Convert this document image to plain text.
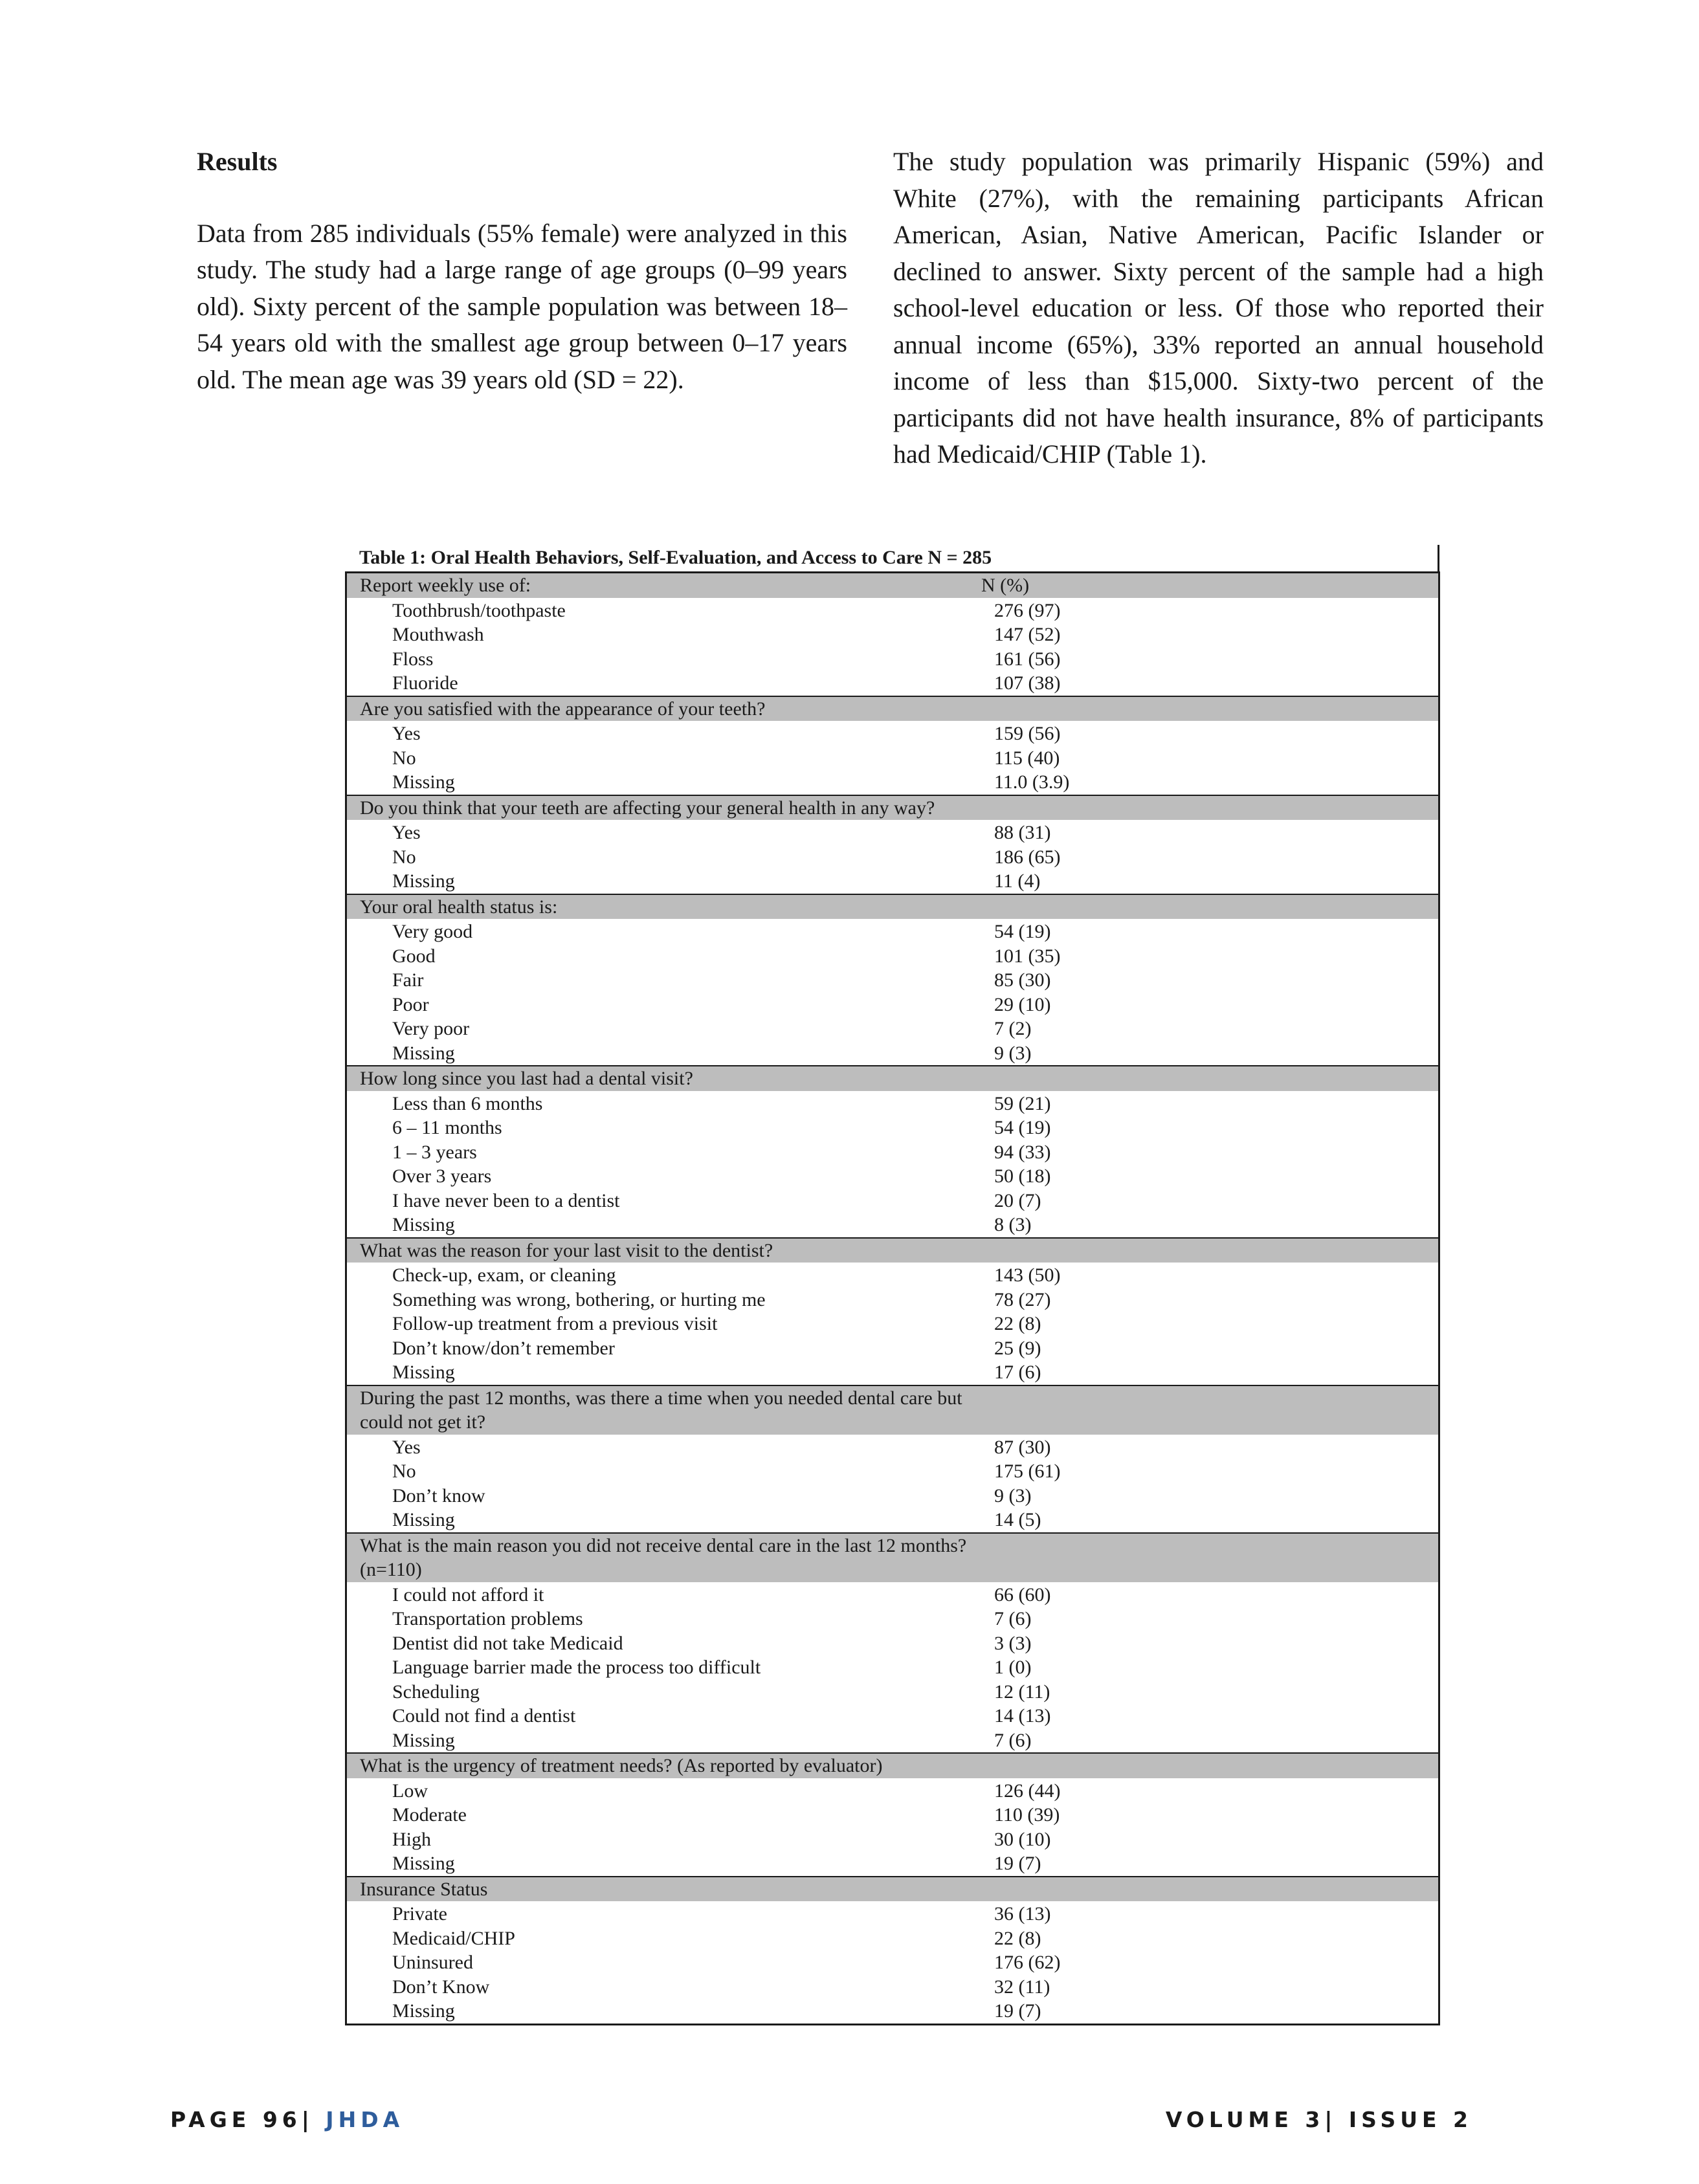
Results

Data from 285 individuals (55% female) were analyzed in this study. The study had a large range of age groups (0–99 years old). Sixty percent of the sample population was between 18–54 years old with the smallest age group between 0–17 years old. The mean age was 39 years old (SD = 22).

The study population was primarily Hispanic (59%) and White (27%), with the remaining participants African American, Asian, Native American, Pacific Islander or declined to answer. Sixty percent of the sample had a high school-level education or less. Of those who reported their annual income (65%), 33% reported an annual household income of less than $15,000. Sixty-two percent of the participants did not have health insurance, 8% of participants had Medicaid/CHIP (Table 1).

Table 1: Oral Health Behaviors, Self-Evaluation, and Access to Care N = 285
Report weekly use of:	N (%)
Toothbrush/toothpaste	276 (97)
Mouthwash	147 (52)
Floss	161 (56)
Fluoride	107 (38)
Are you satisfied with the appearance of your teeth?
Yes	159 (56)
No	115 (40)
Missing	11.0 (3.9)
Do you think that your teeth are affecting your general health in any way?
Yes	88 (31)
No	186 (65)
Missing	11 (4)
Your oral health status is:
Very good	54 (19)
Good	101 (35)
Fair	85 (30)
Poor	29 (10)
Very poor	7 (2)
Missing	9 (3)
How long since you last had a dental visit?
Less than 6 months	59 (21)
6 – 11 months	54 (19)
1 – 3 years	94 (33)
Over 3 years	50 (18)
I have never been to a dentist	20 (7)
Missing	8 (3)
What was the reason for your last visit to the dentist?
Check-up, exam, or cleaning	143 (50)
Something was wrong, bothering, or hurting me	78 (27)
Follow-up treatment from a previous visit	22 (8)
Don’t know/don’t remember	25 (9)
Missing	17 (6)
During the past 12 months, was there a time when you needed dental care but could not get it?
Yes	87 (30)
No	175 (61)
Don’t know	9 (3)
Missing	14 (5)
What is the main reason you did not receive dental care in the last 12 months? (n=110)
I could not afford it	66 (60)
Transportation problems	7 (6)
Dentist did not take Medicaid	3 (3)
Language barrier made the process too difficult	1 (0)
Scheduling	12 (11)
Could not find a dentist	14 (13)
Missing	7 (6)
What is the urgency of treatment needs? (As reported by evaluator)
Low	126 (44)
Moderate	110 (39)
High	30 (10)
Missing	19 (7)
Insurance Status
Private	36 (13)
Medicaid/CHIP	22 (8)
Uninsured	176 (62)
Don’t Know	32 (11)
Missing	19 (7)
PAGE 96| JHDA	VOLUME 3| ISSUE 2
